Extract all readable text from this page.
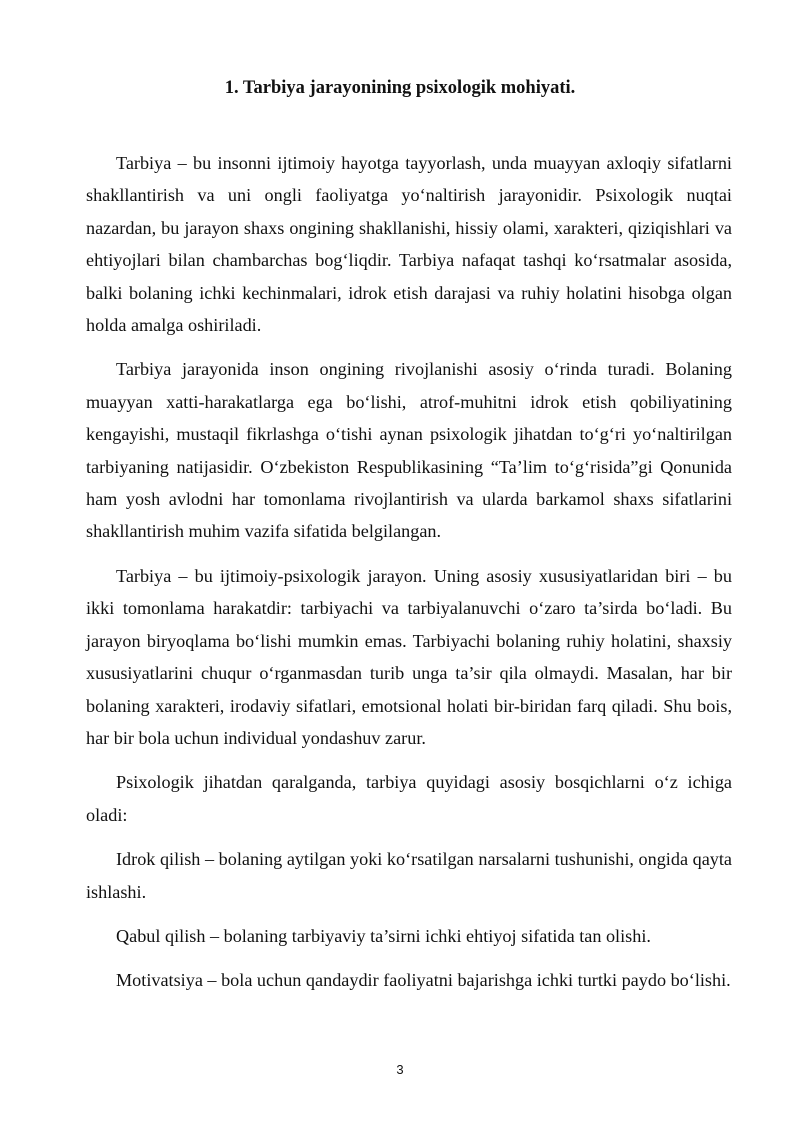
1. Tarbiya jarayonining psixologik mohiyati.

Tarbiya – bu insonni ijtimoiy hayotga tayyorlash, unda muayyan axloqiy sifatlarni shakllantirish va uni ongli faoliyatga yo‘naltirish jarayonidir. Psixologik nuqtai nazardan, bu jarayon shaxs ongining shakllanishi, hissiy olami, xarakteri, qiziqishlari va ehtiyojlari bilan chambarchas bog‘liqdir. Tarbiya nafaqat tashqi ko‘rsatmalar asosida, balki bolaning ichki kechinmalari, idrok etish darajasi va ruhiy holatini hisobga olgan holda amalga oshiriladi.

Tarbiya jarayonida inson ongining rivojlanishi asosiy o‘rinda turadi. Bolaning muayyan xatti-harakatlarga ega bo‘lishi, atrof-muhitni idrok etish qobiliyatining kengayishi, mustaqil fikrlashga o‘tishi aynan psixologik jihatdan to‘g‘ri yo‘naltirilgan tarbiyaning natijasidir. O‘zbekiston Respublikasining “Ta’lim to‘g‘risida”gi Qonunida ham yosh avlodni har tomonlama rivojlantirish va ularda barkamol shaxs sifatlarini shakllantirish muhim vazifa sifatida belgilangan.

Tarbiya – bu ijtimoiy-psixologik jarayon. Uning asosiy xususiyatlaridan biri – bu ikki tomonlama harakatdir: tarbiyachi va tarbiyalanuvchi o‘zaro ta’sirda bo‘ladi. Bu jarayon biryoqlama bo‘lishi mumkin emas. Tarbiyachi bolaning ruhiy holatini, shaxsiy xususiyatlarini chuqur o‘rganmasdan turib unga ta’sir qila olmaydi. Masalan, har bir bolaning xarakteri, irodaviy sifatlari, emotsional holati bir-biridan farq qiladi. Shu bois, har bir bola uchun individual yondashuv zarur.

Psixologik jihatdan qaralganda, tarbiya quyidagi asosiy bosqichlarni o‘z ichiga oladi:

Idrok qilish – bolaning aytilgan yoki ko‘rsatilgan narsalarni tushunishi, ongida qayta ishlashi.

Qabul qilish – bolaning tarbiyaviy ta’sirni ichki ehtiyoj sifatida tan olishi.

Motivatsiya – bola uchun qandaydir faoliyatni bajarishga ichki turtki paydo bo‘lishi.

3
